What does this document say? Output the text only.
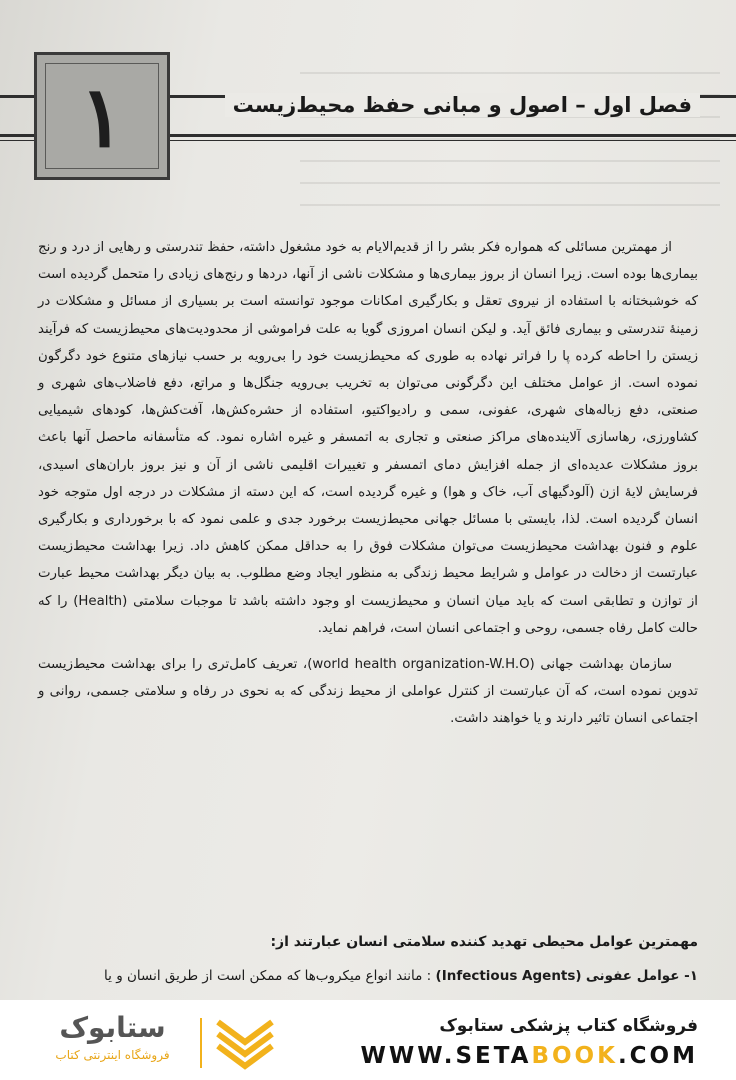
١	فصل اول – اصول و مبانی حفظ محیط‌زیست

از مهمترین مسائلی که همواره فکر بشر را از قدیم‌الایام به خود مشغول داشته، حفظ تندرستی و رهایی از درد و رنج بیماری‌ها بوده است. زیرا انسان از بروز بیماری‌ها و مشکلات ناشی از آنها، دردها و رنج‌های زیادی را متحمل گردیده است که خوشبختانه با استفاده از نیروی تعقل و بکارگیری امکانات موجود توانسته است بر بسیاری از مسائل و مشکلات در زمینهٔ تندرستی و بیماری فائق آید. و لیکن انسان امروزی گویا به علت فراموشی از محدودیت‌های محیط‌زیست که فرآیند زیستن را احاطه کرده پا را فراتر نهاده به طوری که محیط‌زیست خود را بی‌رویه بر حسب نیازهای متنوع خود دگرگون نموده است. از عوامل مختلف این دگرگونی می‌توان به تخریب بی‌رویه جنگل‌ها و مراتع، دفع فاضلاب‌های شهری و صنعتی، دفع زباله‌های شهری، عفونی، سمی و رادیواکتیو، استفاده از حشره‌کش‌ها، آفت‌کش‌ها، کودهای شیمیایی کشاورزی، رهاسازی آلاینده‌های مراکز صنعتی و تجاری به اتمسفر و غیره اشاره نمود. که متأسفانه ماحصل آنها باعث بروز مشکلات عدیده‌ای از جمله افزایش دمای اتمسفر و تغییرات اقلیمی ناشی از آن و نیز بروز باران‌های اسیدی، فرسایش لایهٔ ازن (آلودگیهای آب، خاک و هوا) و غیره گردیده است، که این دسته از مشکلات در درجه اول متوجه خود انسان گردیده است. لذا، بایستی با مسائل جهانی محیط‌زیست برخورد جدی و علمی نمود که با برخورداری و بکارگیری علوم و فنون بهداشت محیط‌زیست می‌توان مشکلات فوق را به حداقل ممکن کاهش داد. زیرا بهداشت محیط‌زیست عبارتست از دخالت در عوامل و شرایط محیط زندگی به منظور ایجاد وضع مطلوب. به بیان دیگر بهداشت محیط عبارت از توازن و تطابقی است که باید میان انسان و محیط‌زیست او وجود داشته باشد تا موجبات سلامتی (Health) را که حالت کامل رفاه جسمی، روحی و اجتماعی انسان است، فراهم نماید.

سازمان بهداشت جهانی (world health organization-W.H.O)، تعریف کامل‌تری را برای بهداشت محیط‌زیست تدوین نموده است، که آن عبارتست از کنترل عواملی از محیط زندگی که به نحوی در رفاه و سلامتی جسمی، روانی و اجتماعی انسان تاثیر دارند و یا خواهند داشت.

مهمترین عوامل محیطی تهدید کننده سلامتی انسان عبارتند از:
۱- عوامل عفونی (Infectious Agents) : مانند انواع میکروب‌ها که ممکن است از طریق انسان و یا
ستابوک
فروشگاه اینترنتی کتاب
فروشگاه کتاب پزشکی ستابوک
WWW.SETABOOK.COM
